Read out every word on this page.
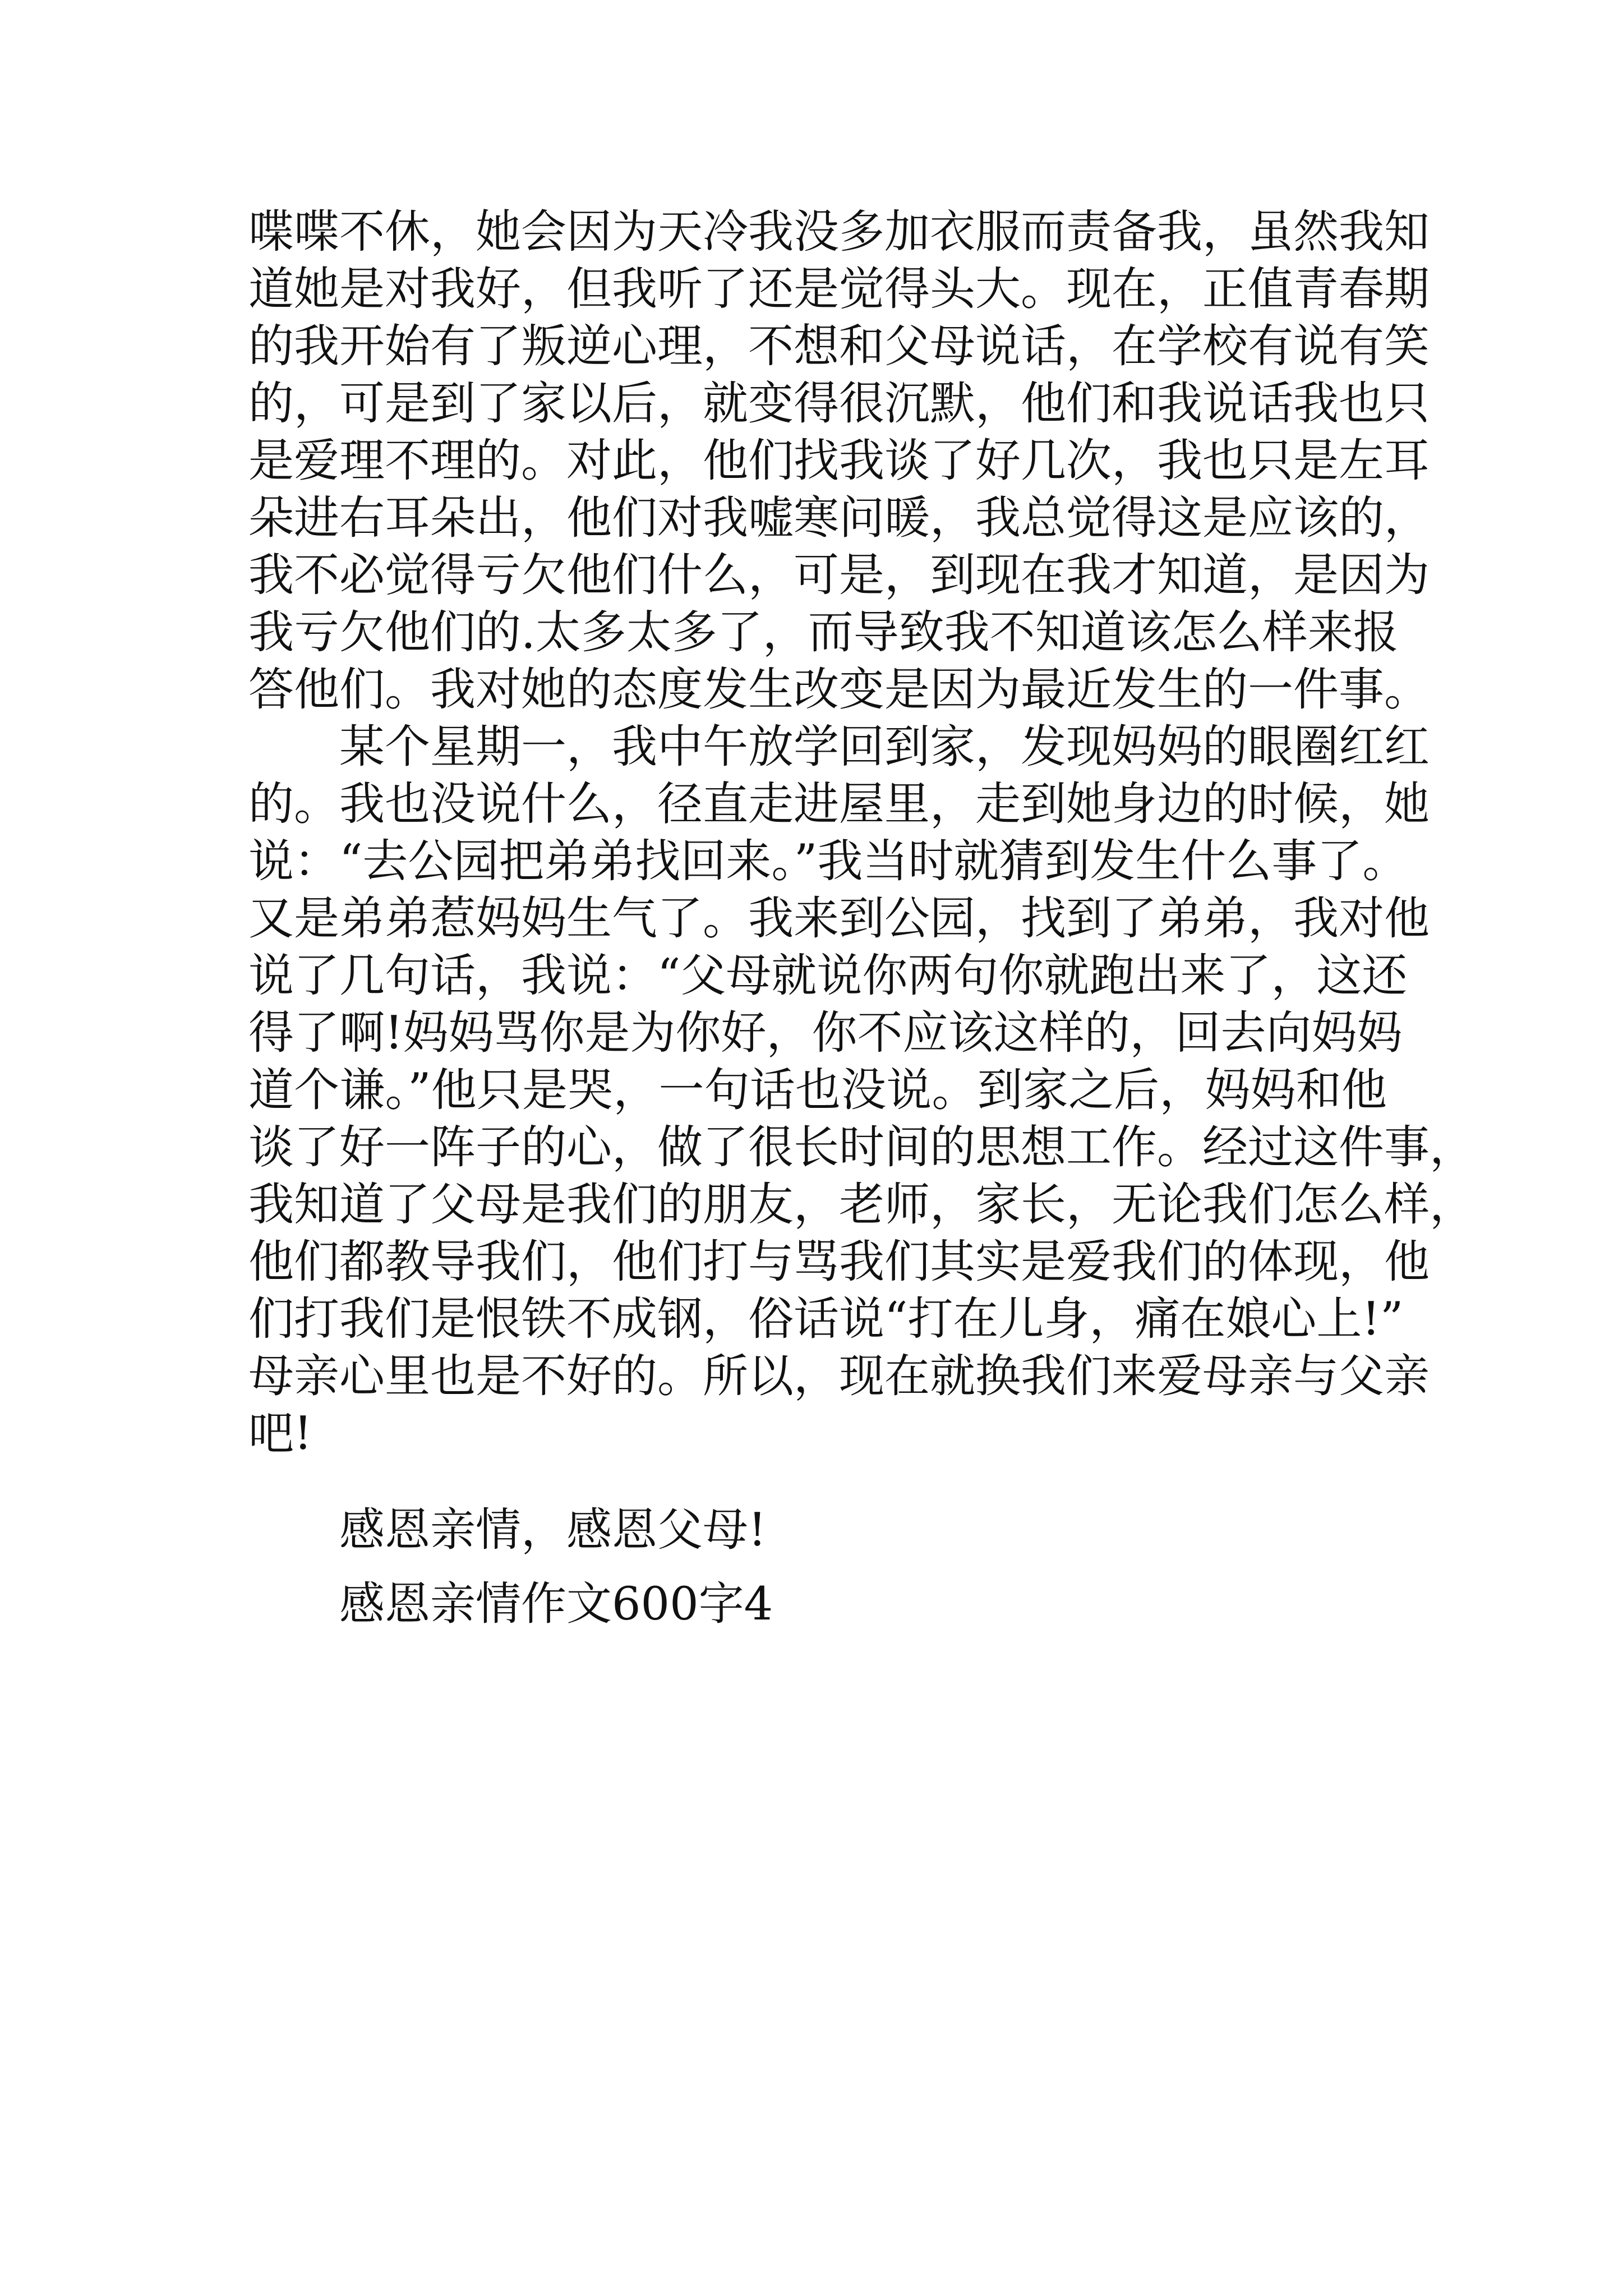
喋喋不休，她会因为天冷我没多加衣服而责备我，虽然我知
道她是对我好，但我听了还是觉得头大。现在，正值青春期
的我开始有了叛逆心理，不想和父母说话，在学校有说有笑
的，可是到了家以后，就变得很沉默，他们和我说话我也只
是爱理不理的。对此，他们找我谈了好几次，我也只是左耳
朵进右耳朵出，他们对我嘘寒问暖，我总觉得这是应该的，
我不必觉得亏欠他们什么，可是，到现在我才知道，是因为
我亏欠他们的.太多太多了，而导致我不知道该怎么样来报
答他们。我对她的态度发生改变是因为最近发生的一件事。
某个星期一，我中午放学回到家，发现妈妈的眼圈红红
的。我也没说什么，径直走进屋里，走到她身边的时候，她
说：“去公园把弟弟找回来。”我当时就猜到发生什么事了。
又是弟弟惹妈妈生气了。我来到公园，找到了弟弟，我对他
说了几句话，我说：“父母就说你两句你就跑出来了，这还
得了啊!妈妈骂你是为你好，你不应该这样的，回去向妈妈
道个谦。”他只是哭，一句话也没说。到家之后，妈妈和他
谈了好一阵子的心，做了很长时间的思想工作。经过这件事，
我知道了父母是我们的朋友，老师，家长，无论我们怎么样，
他们都教导我们，他们打与骂我们其实是爱我们的体现，他
们打我们是恨铁不成钢，俗话说“打在儿身，痛在娘心上!”
母亲心里也是不好的。所以，现在就换我们来爱母亲与父亲
吧!
感恩亲情，感恩父母!
感恩亲情作文600字4
